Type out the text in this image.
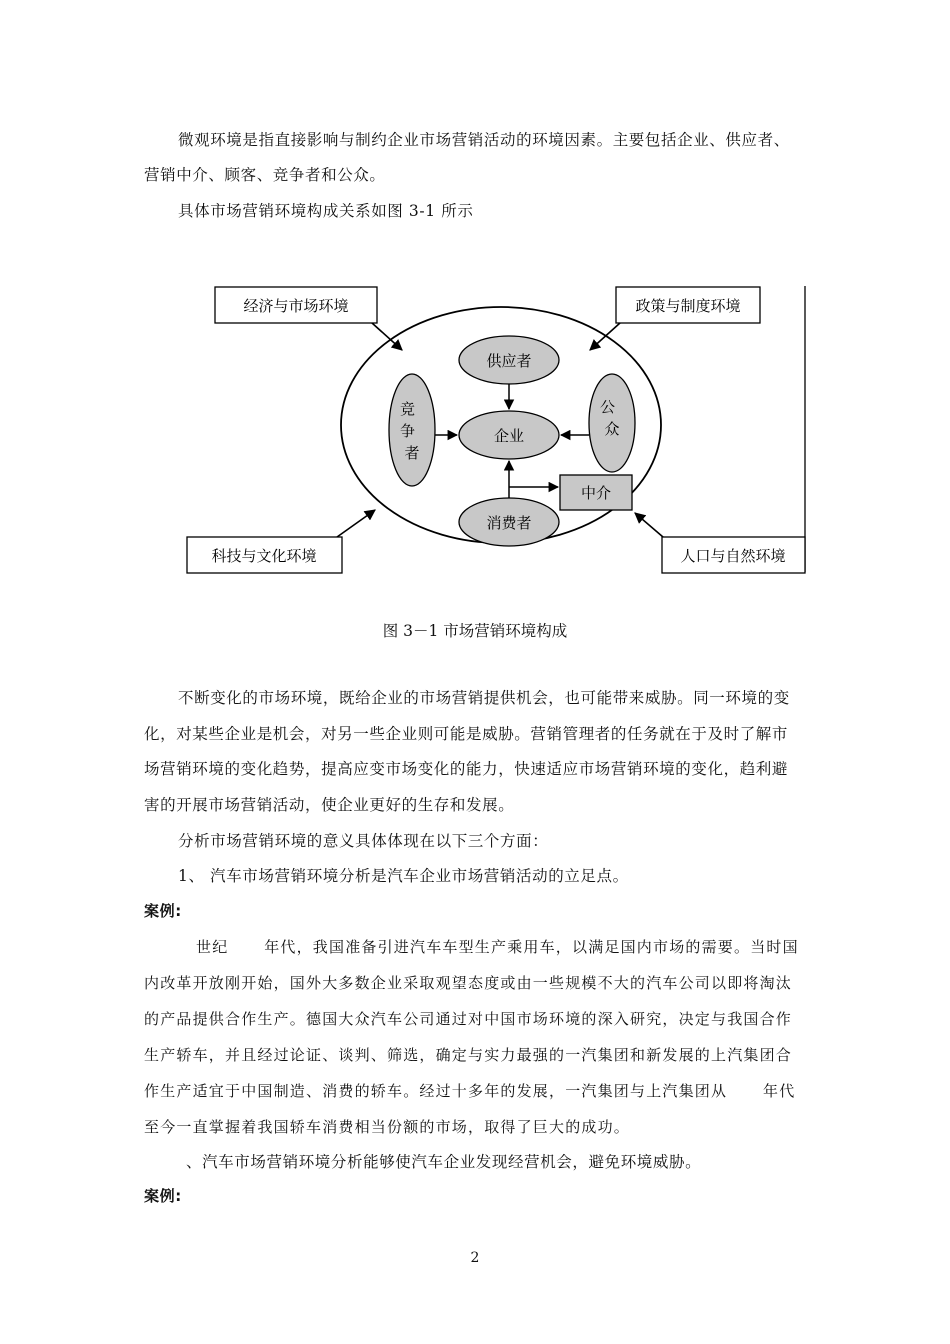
微观环境是指直接影响与制约企业市场营销活动的环境因素。主要包括企业、供应者、
营销中介、顾客、竞争者和公众。
具体市场营销环境构成关系如图 3-1 所示
经济与市场环境	政策与制度环境
科技与文化环境	人口与自然环境
供应者
企业
消费者
竞 争 者
公 众
中介
图 3－1 市场营销环境构成
不断变化的市场环境，既给企业的市场营销提供机会，也可能带来威胁。同一环境的变
化，对某些企业是机会，对另一些企业则可能是威胁。营销管理者的任务就在于及时了解市
场营销环境的变化趋势，提高应变市场变化的能力，快速适应市场营销环境的变化，趋利避
害的开展市场营销活动，使企业更好的生存和发展。
分析市场营销环境的意义具体体现在以下三个方面：
1、 汽车市场营销环境分析是汽车企业市场营销活动的立足点。
案例:
世纪      年代，我国准备引进汽车车型生产乘用车，以满足国内市场的需要。当时国
内改革开放刚开始，国外大多数企业采取观望态度或由一些规模不大的汽车公司以即将淘汰
的产品提供合作生产。德国大众汽车公司通过对中国市场环境的深入研究，决定与我国合作
生产轿车，并且经过论证、谈判、筛选，确定与实力最强的一汽集团和新发展的上汽集团合
作生产适宜于中国制造、消费的轿车。经过十多年的发展，一汽集团与上汽集团从      年代
至今一直掌握着我国轿车消费相当份额的市场，取得了巨大的成功。
、汽车市场营销环境分析能够使汽车企业发现经营机会，避免环境威胁。
案例:
2
